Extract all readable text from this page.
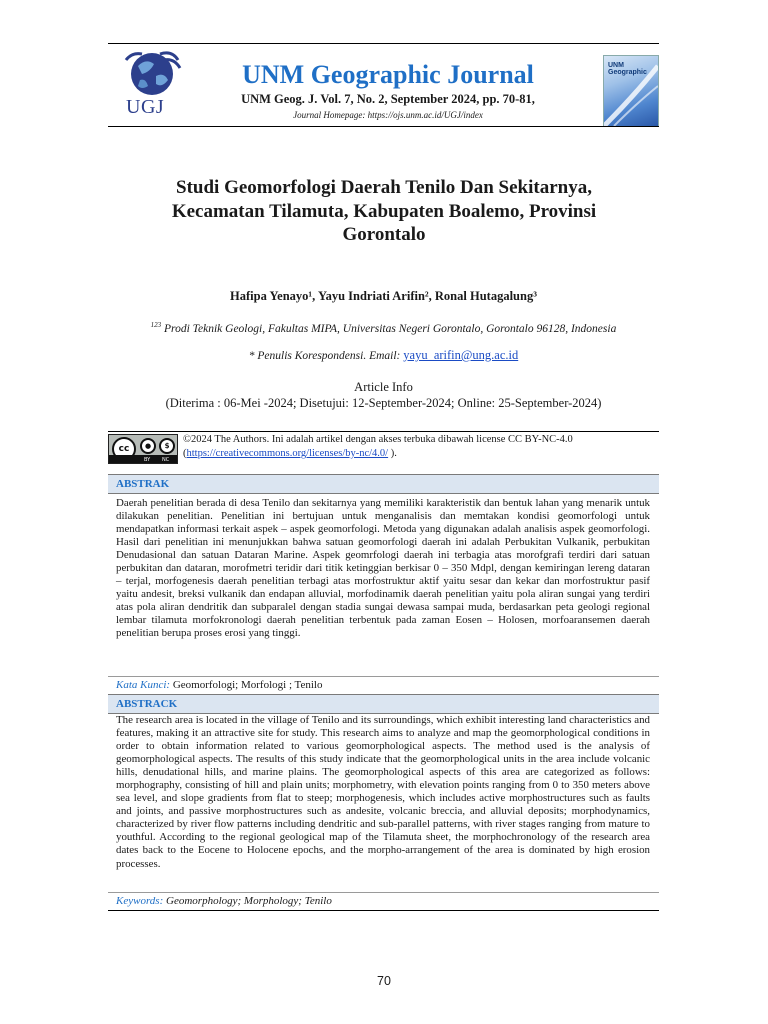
UGJ
UNM Geographic Journal
UNM Geog. J. Vol. 7, No. 2, September 2024, pp. 70-81,
Journal Homepage: https://ojs.unm.ac.id/UGJ/index
UNM Geographic
Studi Geomorfologi Daerah Tenilo Dan Sekitarnya,
Kecamatan Tilamuta, Kabupaten Boalemo, Provinsi
Gorontalo
Hafipa Yenayo¹, Yayu Indriati Arifin², Ronal Hutagalung³
$^{123}$ Prodi Teknik Geologi, Fakultas MIPA, Universitas Negeri Gorontalo, Gorontalo 96128, Indonesia
* Penulis Korespondensi. Email: yayu_arifin@ung.ac.id
Article Info
(Diterima : 06-Mei -2024; Disetujui: 12-September-2024; Online: 25-September-2024)
cc	●	$
BY NC
©2024 The Authors. Ini adalah artikel dengan akses terbuka dibawah license CC BY-NC-4.0
(https://creativecommons.org/licenses/by-nc/4.0/ ).
ABSTRAK
Daerah penelitian berada di desa Tenilo dan sekitarnya yang memiliki karakteristik dan bentuk lahan yang menarik untuk dilakukan penelitian. Penelitian ini bertujuan untuk menganalisis dan memtakan kondisi geomorfologi untuk mendapatkan informasi terkait aspek – aspek geomorfologi. Metoda yang digunakan adalah analisis aspek geomorfologi. Hasil dari penelitian ini menunjukkan bahwa satuan geomorfologi daerah ini adalah Perbukitan Vulkanik, perbukitan Denudasional dan satuan Dataran Marine. Aspek geomrfologi daerah ini terbagia atas morofgrafi terdiri dari satuan perbukitan dan dataran, morofmetri teridir dari titik ketinggian berkisar 0 – 350 Mdpl, dengan kemiringan lereng dataran – terjal, morfogenesis daerah penelitian terbagi atas morfostruktur aktif yaitu sesar dan kekar dan morfostruktur pasif yaitu andesit, breksi vulkanik dan endapan alluvial, morfodinamik daerah penelitian yaitu pola aliran sungai yang terdiri atas pola aliran dendritik dan subparalel dengan stadia sungai dewasa sampai muda, berdasarkan peta geologi regional lembar tilamuta morfokronologi daerah penelitian terbentuk pada zaman Eosen – Holosen, morfoaransemen daerah penelitian berupa proses erosi yang tinggi.
Kata Kunci: Geomorfologi; Morfologi ; Tenilo
ABSTRACK
The research area is located in the village of Tenilo and its surroundings, which exhibit interesting land characteristics and features, making it an attractive site for study. This research aims to analyze and map the geomorphological conditions in order to obtain information related to various geomorphological aspects. The method used is the analysis of geomorphological aspects. The results of this study indicate that the geomorphological units in the area include volcanic hills, denudational hills, and marine plains. The geomorphological aspects of this area are categorized as follows: morphography, consisting of hill and plain units; morphometry, with elevation points ranging from 0 to 350 meters above sea level, and slope gradients from flat to steep; morphogenesis, which includes active morphostructures such as faults and joints, and passive morphostructures such as andesite, volcanic breccia, and alluvial deposits; morphodynamics, characterized by river flow patterns including dendritic and sub-parallel patterns, with river stages ranging from mature to youthful. According to the regional geological map of the Tilamuta sheet, the morphochronology of the research area dates back to the Eocene to Holocene epochs, and the morpho-arrangement of the area is dominated by high erosion processes.
Keywords: Geomorphology; Morphology; Tenilo
70
